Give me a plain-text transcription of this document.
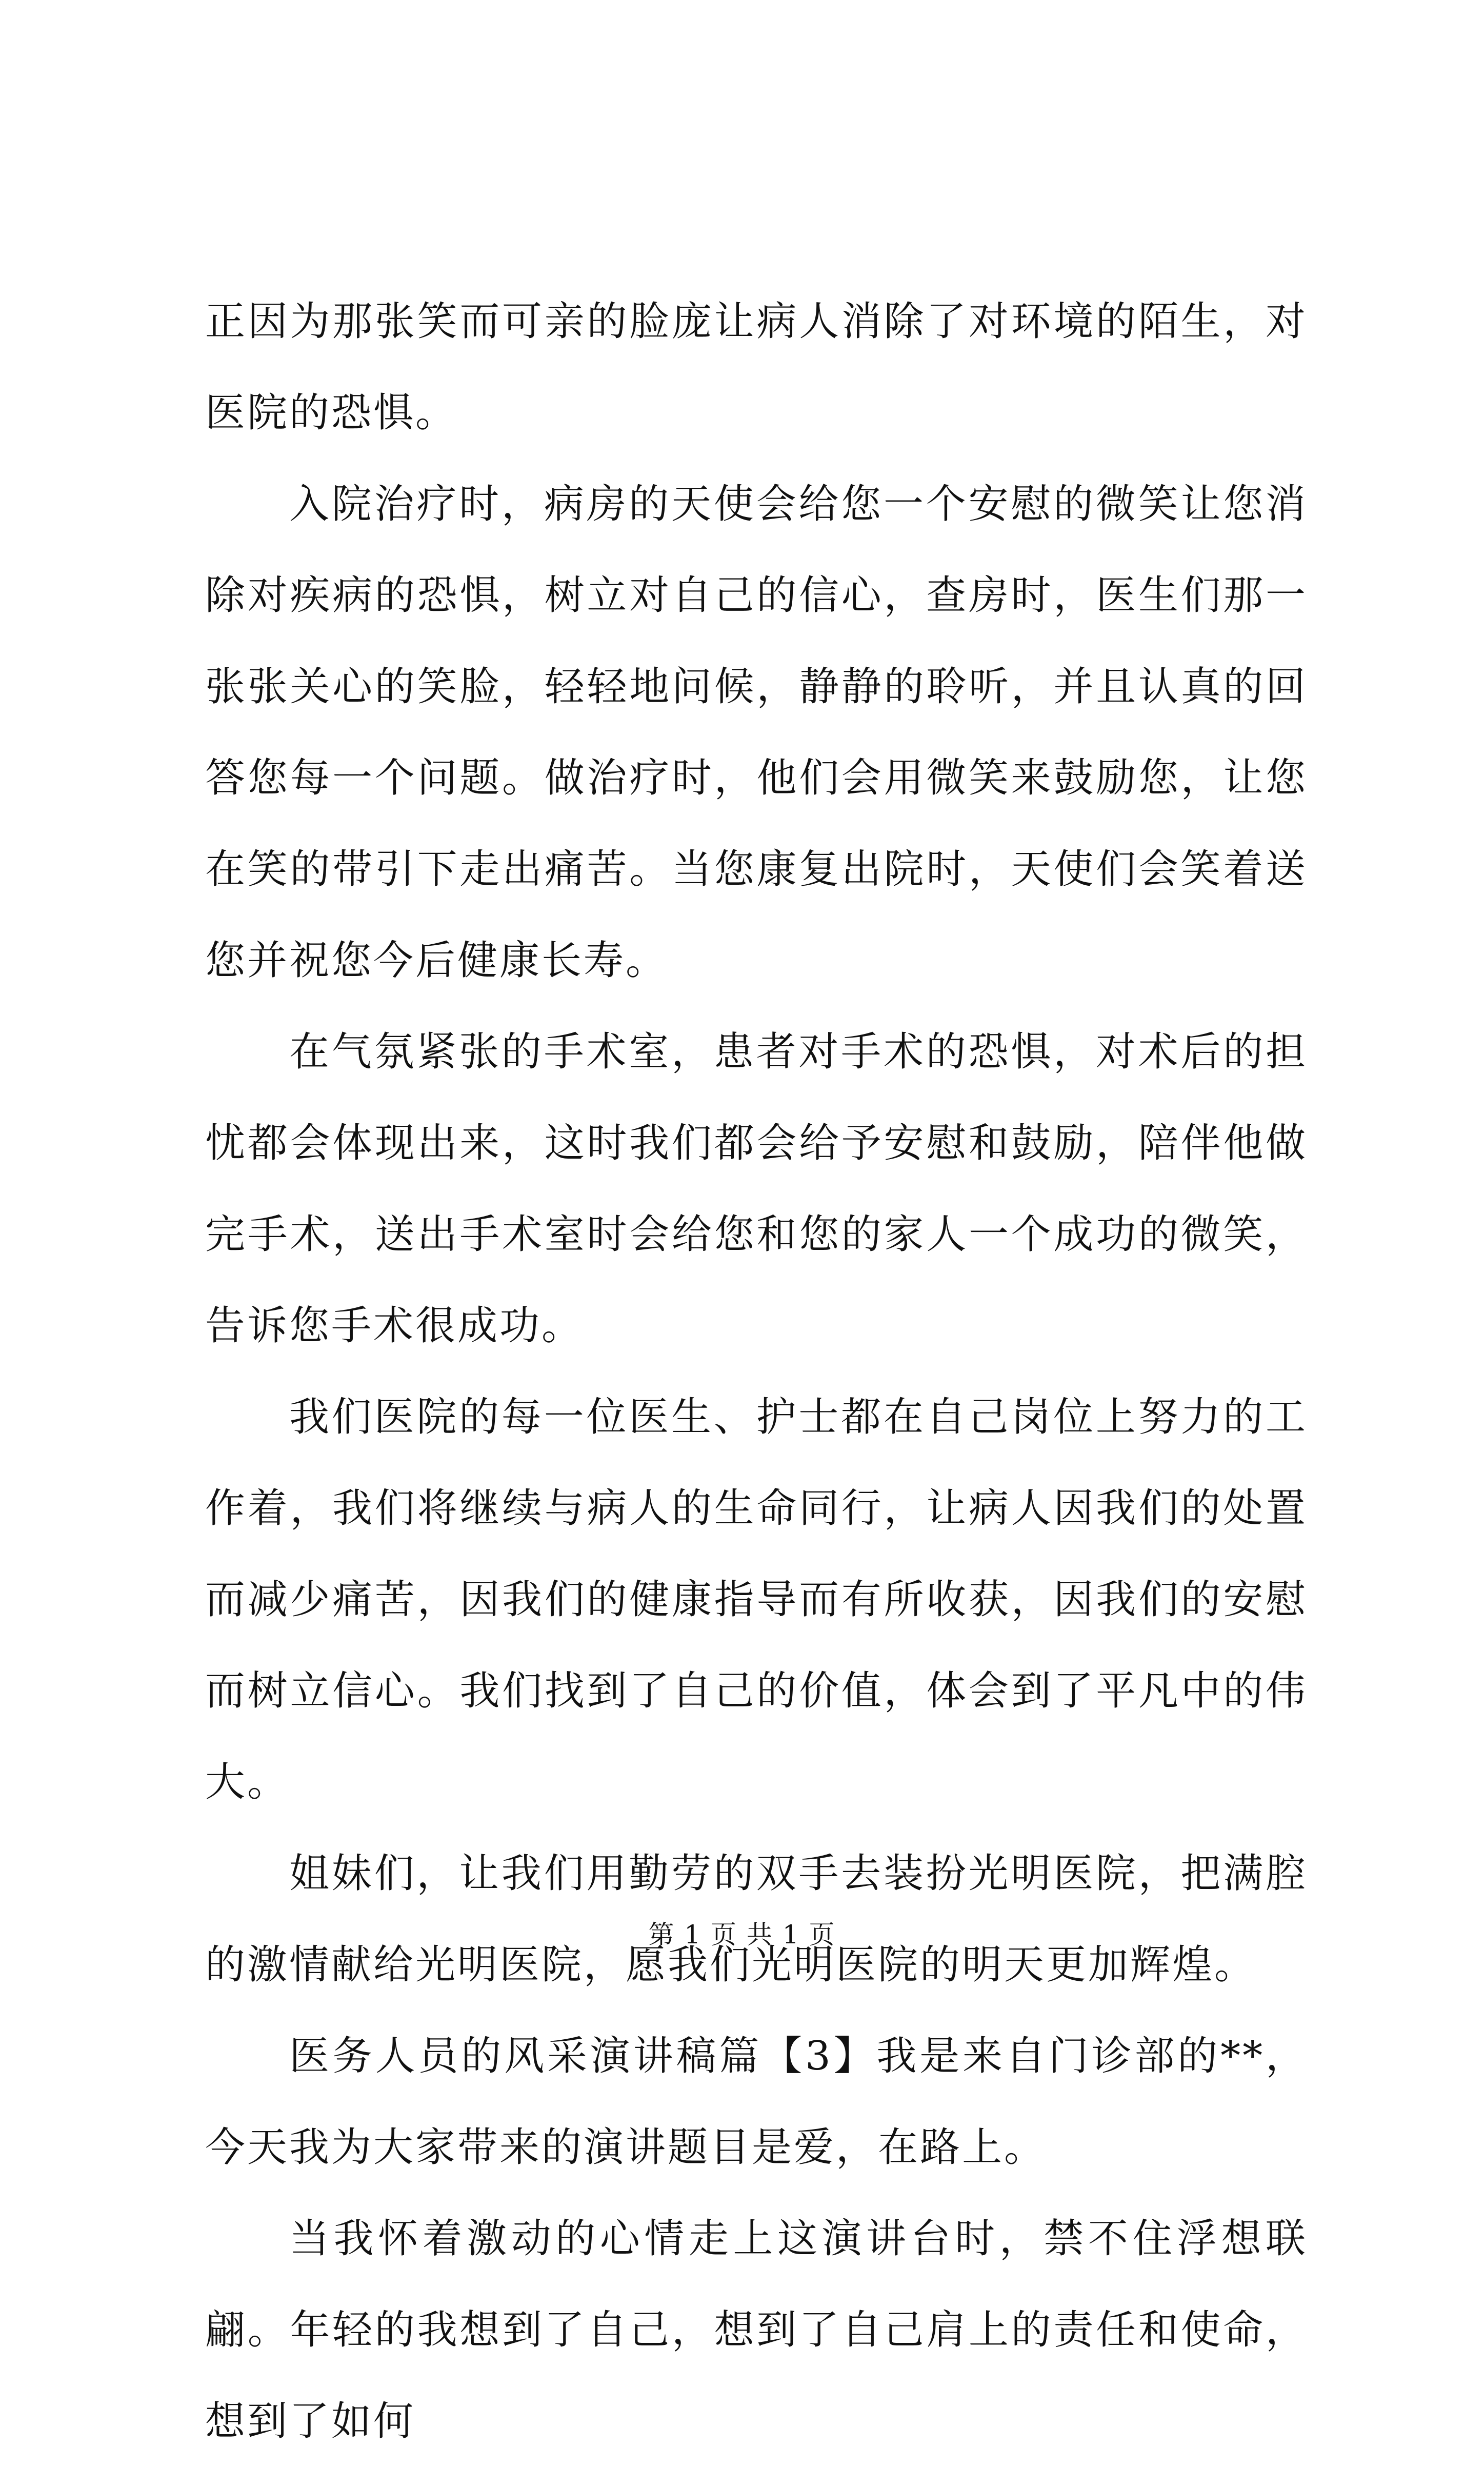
正因为那张笑而可亲的脸庞让病人消除了对环境的陌生，对医院的恐惧。

入院治疗时，病房的天使会给您一个安慰的微笑让您消除对疾病的恐惧，树立对自己的信心，查房时，医生们那一张张关心的笑脸，轻轻地问候，静静的聆听，并且认真的回答您每一个问题。做治疗时，他们会用微笑来鼓励您，让您在笑的带引下走出痛苦。当您康复出院时，天使们会笑着送您并祝您今后健康长寿。

在气氛紧张的手术室，患者对手术的恐惧，对术后的担忧都会体现出来，这时我们都会给予安慰和鼓励，陪伴他做完手术，送出手术室时会给您和您的家人一个成功的微笑，告诉您手术很成功。

我们医院的每一位医生、护士都在自己岗位上努力的工作着，我们将继续与病人的生命同行，让病人因我们的处置而减少痛苦，因我们的健康指导而有所收获，因我们的安慰而树立信心。我们找到了自己的价值，体会到了平凡中的伟大。

姐妹们，让我们用勤劳的双手去装扮光明医院，把满腔的激情献给光明医院，愿我们光明医院的明天更加辉煌。

医务人员的风采演讲稿篇【3】我是来自门诊部的**，今天我为大家带来的演讲题目是爱，在路上。

当我怀着激动的心情走上这演讲台时，禁不住浮想联翩。年轻的我想到了自己，想到了自己肩上的责任和使命，想到了如何

第 1 页 共 1 页
